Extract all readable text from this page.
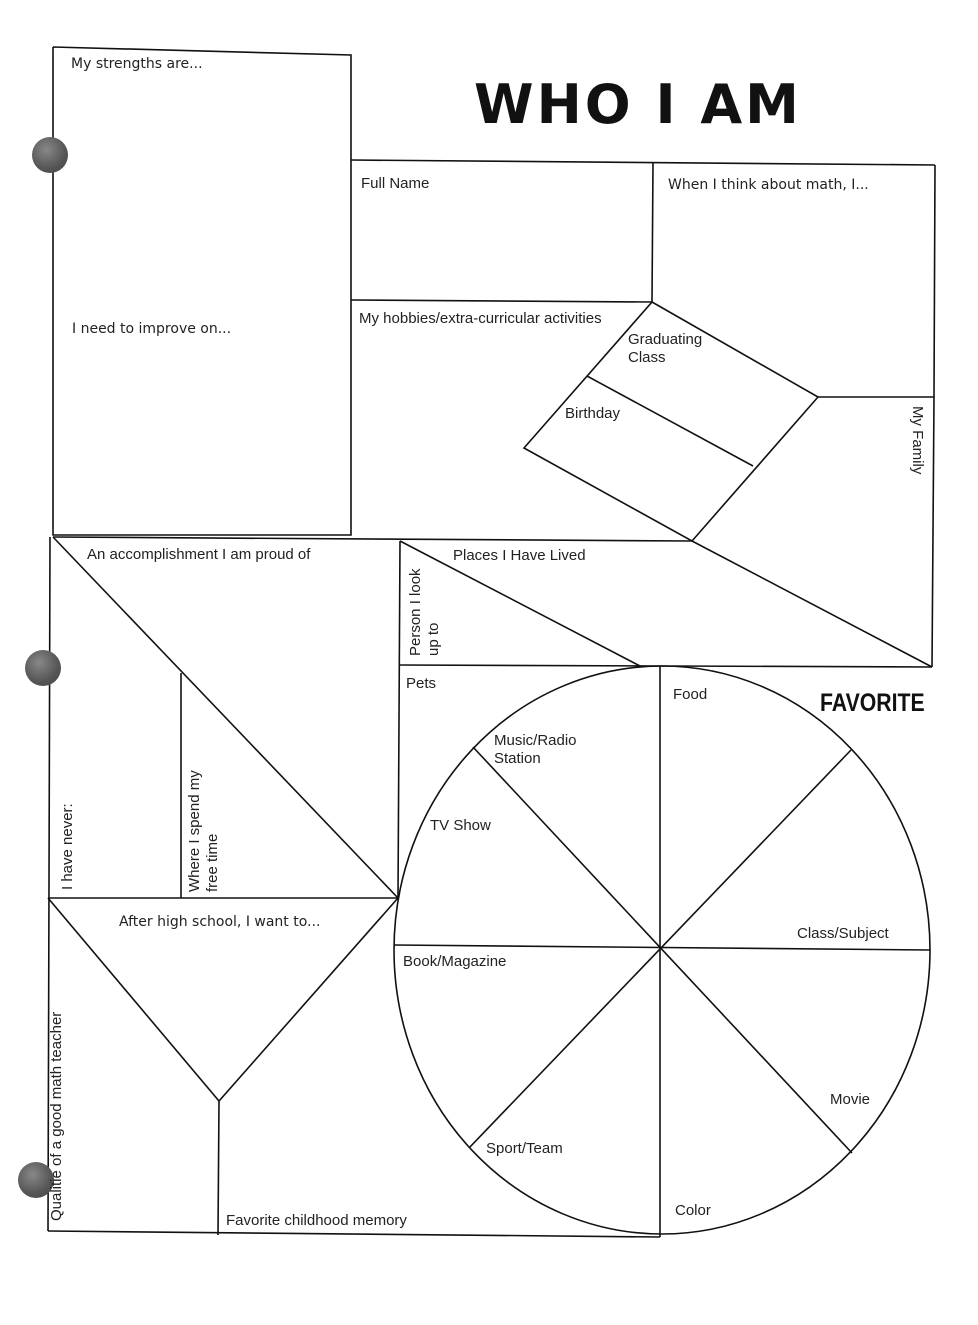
WHO I AM

FAVORITE

My strengths are...

I need to improve on...

Full Name	When I think about math, I...

My hobbies/extra-curricular activities

Graduating
Class

Birthday	My Family

An accomplishment I am proud of

Person I look
up to

Places I Have Lived

Pets

I have never:	Where I spend my
free time

After high school, I want to...

Qualitie of a good math teacher	Favorite childhood memory

Food

Music/Radio
Station

TV Show

Class/Subject

Book/Magazine

Movie

Sport/Team

Color
